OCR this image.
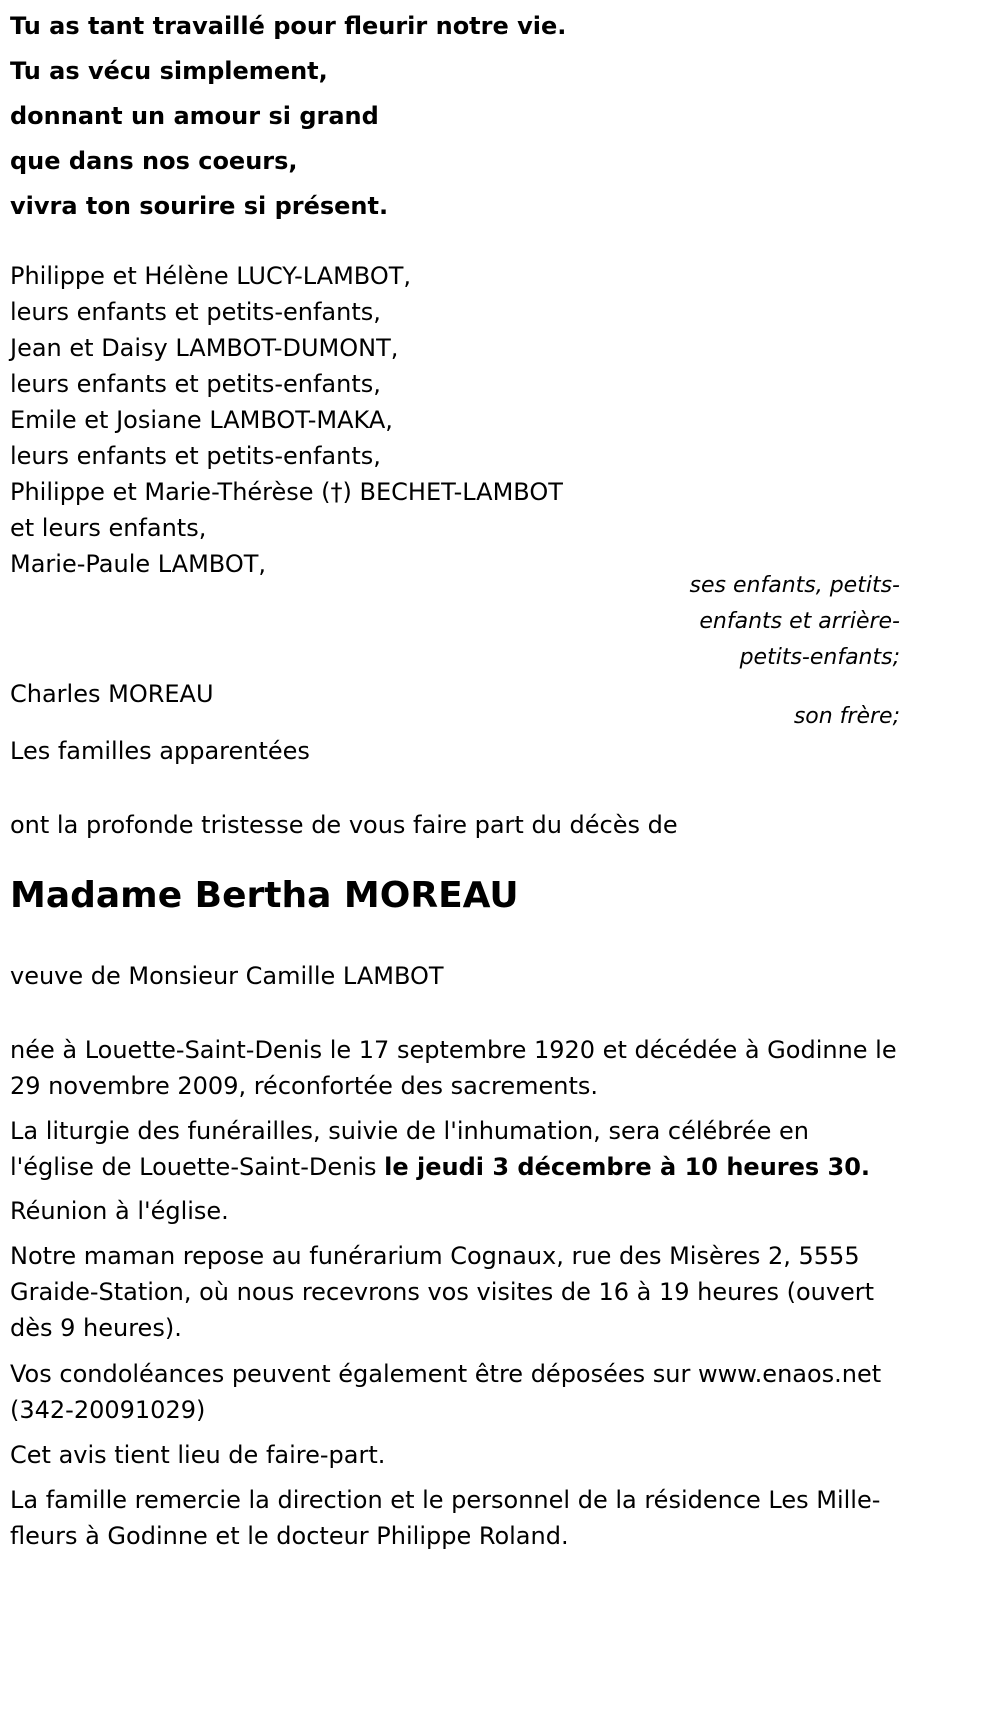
Tu as tant travaillé pour fleurir notre vie.
Tu as vécu simplement,
donnant un amour si grand
que dans nos coeurs,
vivra ton sourire si présent.
Philippe et Hélène LUCY-LAMBOT,
leurs enfants et petits-enfants,
Jean et Daisy LAMBOT-DUMONT,
leurs enfants et petits-enfants,
Emile et Josiane LAMBOT-MAKA,
leurs enfants et petits-enfants,
Philippe et Marie-Thérèse (†) BECHET-LAMBOT
et leurs enfants,
Marie-Paule LAMBOT,
ses enfants, petits-
enfants et arrière-
petits-enfants;
Charles MOREAU
son frère;
Les familles apparentées
ont la profonde tristesse de vous faire part du décès de
Madame Bertha MOREAU
veuve de Monsieur Camille LAMBOT
née à Louette-Saint-Denis le 17 septembre 1920 et décédée à Godinne le 29 novembre 2009, réconfortée des sacrements.
La liturgie des funérailles, suivie de l'inhumation, sera célébrée en l'église de Louette-Saint-Denis le jeudi 3 décembre à 10 heures 30.
Réunion à l'église.
Notre maman repose au funérarium Cognaux, rue des Misères 2, 5555 Graide-Station, où nous recevrons vos visites de 16 à 19 heures (ouvert dès 9 heures).
Vos condoléances peuvent également être déposées sur www.enaos.net (342-20091029)
Cet avis tient lieu de faire-part.
La famille remercie la direction et le personnel de la résidence Les Mille-fleurs à Godinne et le docteur Philippe Roland.
